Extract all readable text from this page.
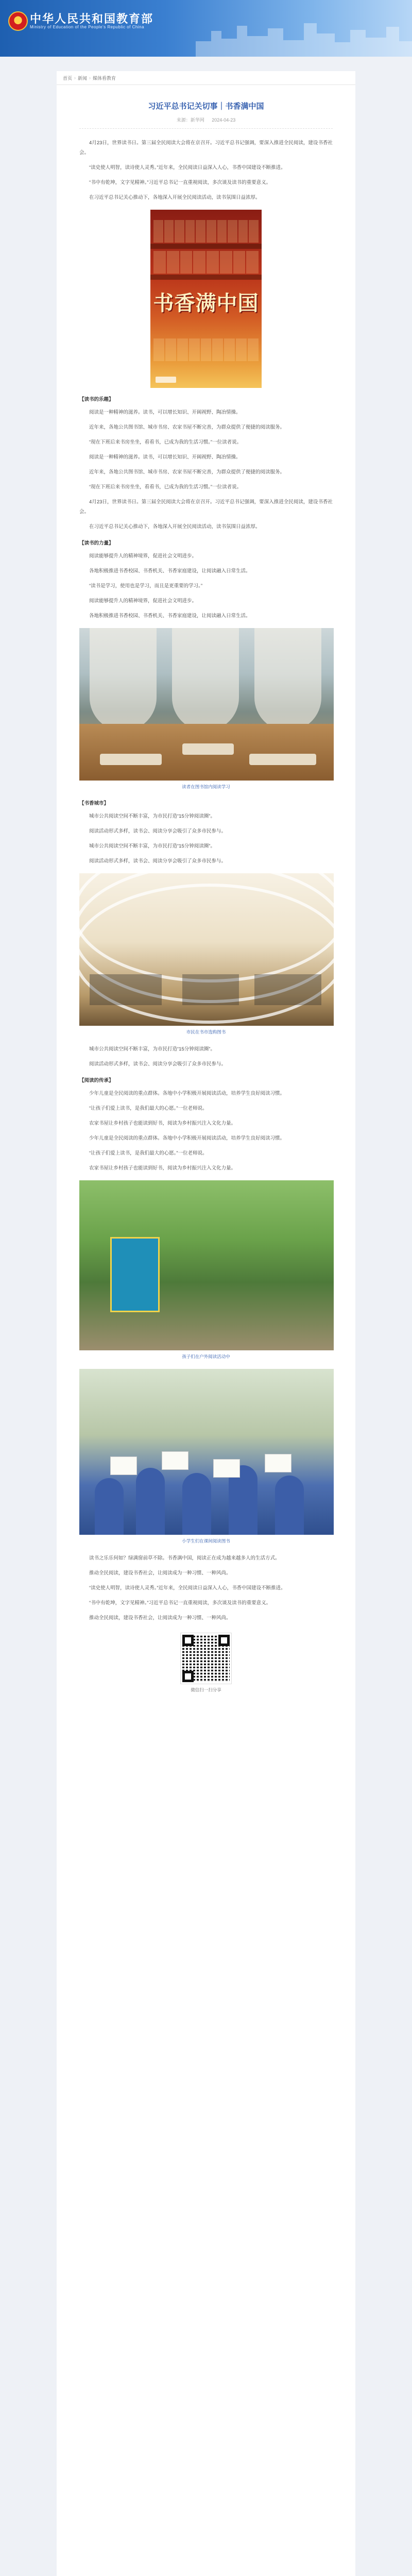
中华人民共和国教育部
Ministry of Education of the People's Republic of China
首页 › 新闻 › 媒体看教育
习近平总书记关切事｜书香满中国
来源：新华网 2024-04-23

4月23日，世界读书日。第三届全民阅读大会将在京召开。习近平总书记强调，要深入推进全民阅读，建设书香社会。

“读史使人明智，读诗使人灵秀。”近年来，全民阅读日益深入人心，书香中国建设不断推进。

“书中有乾坤，文字见精神。”习近平总书记一直重视阅读，多次谈及读书的重要意义。

在习近平总书记关心推动下，各地深入开展全民阅读活动，读书氛围日益浓厚。

书香满中国
【读书的乐趣】

阅读是一种精神的滋养。读书，可以增长知识、开阔视野、陶冶情操。

近年来，各地公共图书馆、城市书房、农家书屋不断完善，为群众提供了便捷的阅读服务。

“现在下班后来书房坐坐，看看书，已成为我的生活习惯。”一位读者说。

阅读是一种精神的滋养。读书，可以增长知识、开阔视野、陶冶情操。

近年来，各地公共图书馆、城市书房、农家书屋不断完善，为群众提供了便捷的阅读服务。

“现在下班后来书房坐坐，看看书，已成为我的生活习惯。”一位读者说。

4月23日，世界读书日。第三届全民阅读大会将在京召开。习近平总书记强调，要深入推进全民阅读，建设书香社会。

在习近平总书记关心推动下，各地深入开展全民阅读活动，读书氛围日益浓厚。

【读书的力量】

阅读能够提升人的精神境界，促进社会文明进步。

各地积极推进书香校园、书香机关、书香家庭建设，让阅读融入日常生活。

“读书是学习，使用也是学习，而且是更重要的学习。”

阅读能够提升人的精神境界，促进社会文明进步。

各地积极推进书香校园、书香机关、书香家庭建设，让阅读融入日常生活。

读者在图书馆内阅读学习
【书香城市】

城市公共阅读空间不断丰富，为市民打造“15分钟阅读圈”。

阅读活动形式多样，读书会、阅读分享会吸引了众多市民参与。

城市公共阅读空间不断丰富，为市民打造“15分钟阅读圈”。

阅读活动形式多样，读书会、阅读分享会吸引了众多市民参与。

市民在书市选购图书

城市公共阅读空间不断丰富，为市民打造“15分钟阅读圈”。

阅读活动形式多样，读书会、阅读分享会吸引了众多市民参与。

【阅读的传承】

少年儿童是全民阅读的重点群体。各地中小学积极开展阅读活动，培养学生良好阅读习惯。

“让孩子们爱上读书，是我们最大的心愿。”一位老师说。

农家书屋让乡村孩子也能读到好书，阅读为乡村振兴注入文化力量。

少年儿童是全民阅读的重点群体。各地中小学积极开展阅读活动，培养学生良好阅读习惯。

“让孩子们爱上读书，是我们最大的心愿。”一位老师说。

农家书屋让乡村孩子也能读到好书，阅读为乡村振兴注入文化力量。

孩子们在户外阅读活动中
小学生们在课间阅读图书

读书之乐乐何如？绿满窗前草不除。书香满中国，阅读正在成为越来越多人的生活方式。

推动全民阅读，建设书香社会，让阅读成为一种习惯、一种风尚。

“读史使人明智，读诗使人灵秀。”近年来，全民阅读日益深入人心，书香中国建设不断推进。

“书中有乾坤，文字见精神。”习近平总书记一直重视阅读，多次谈及读书的重要意义。

推动全民阅读，建设书香社会，让阅读成为一种习惯、一种风尚。

微信扫一扫分享
